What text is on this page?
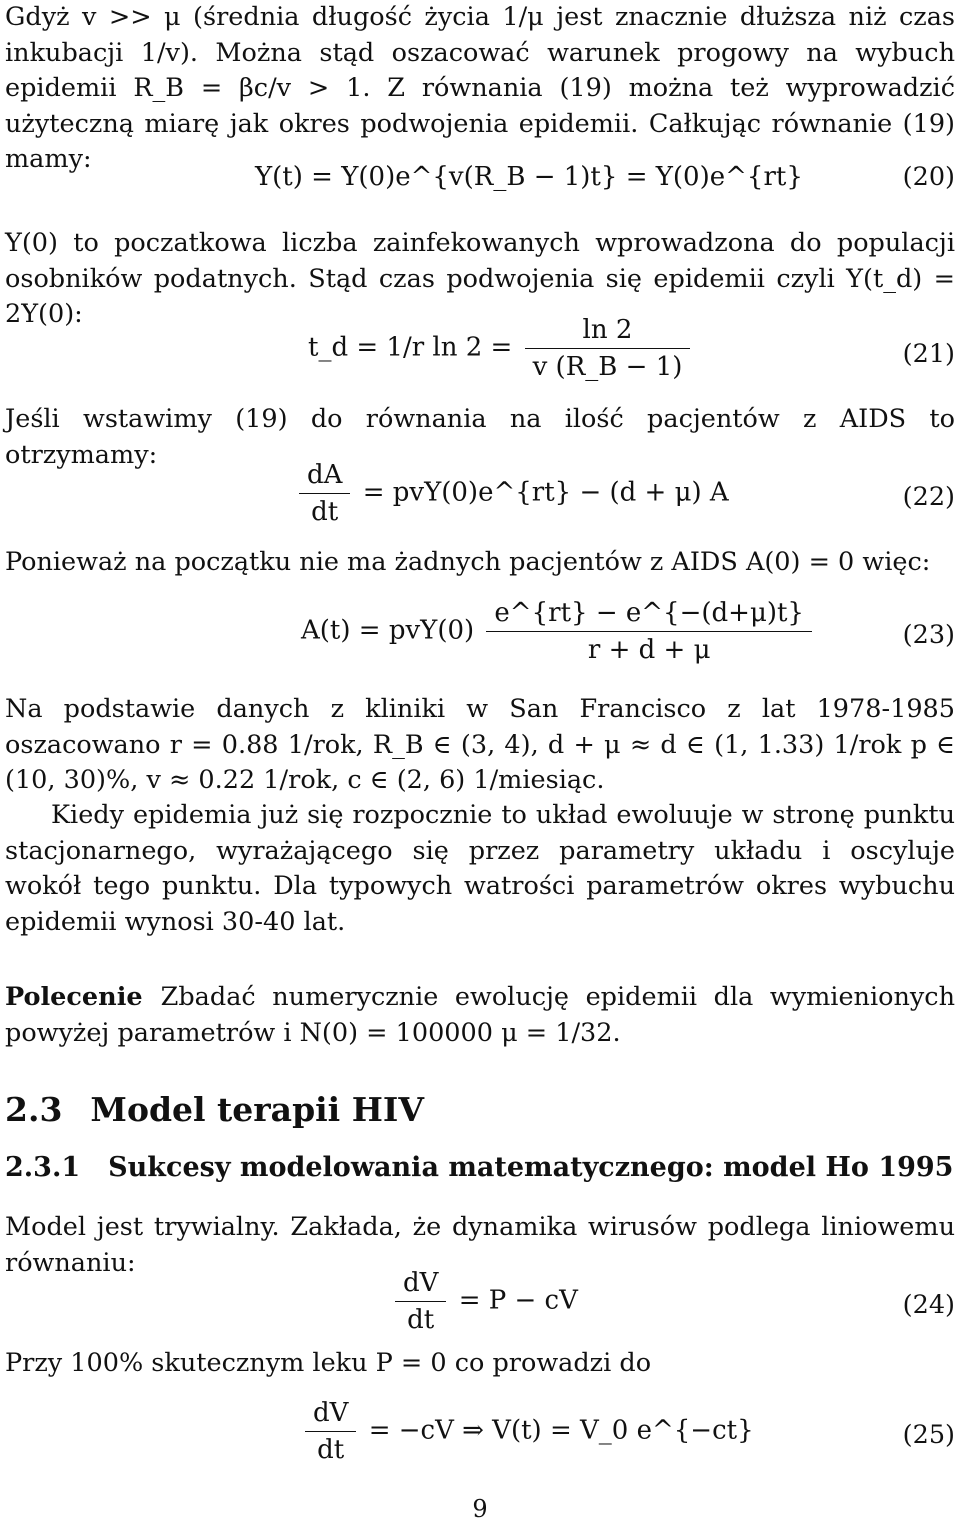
Gdyż v >> μ (średnia długość życia 1/μ jest znacznie dłuższa niż czas inkubacji 1/v). Można stąd oszacować warunek progowy na wybuch epidemii R_B = βc/v > 1. Z równania (19) można też wyprowadzić użyteczną miarę jak okres podwojenia epidemii. Całkując równanie (19) mamy:

Y(t) = Y(0)e^{v(R_B − 1)t} = Y(0)e^{rt}	(20)

Y(0) to poczatkowa liczba zainfekowanych wprowadzona do populacji osobników podatnych. Stąd czas podwojenia się epidemii czyli Y(t_d) = 2Y(0):

t_d = 1/r $\ln 2 = \frac{\ln 2}{v (R\_B - 1)}$	(21)

Jeśli wstawimy (19) do równania na ilość pacjentów z AIDS to otrzymamy:

$\frac{dA}{dt}$ = pvY(0)e^{rt} − (d + μ) A	(22)

Ponieważ na początku nie ma żadnych pacjentów z AIDS A(0) = 0 więc:

$A(t) = pvY(0) \frac{e\^{}\{rt\} - e\^{}\{-(d+\mu)t\}}{r + d + \mu}$	(23)

Na podstawie danych z kliniki w San Francisco z lat 1978-1985 oszacowano r = 0.88 1/rok, R_B ∈ (3, 4), d + μ ≈ d ∈ (1, 1.33) 1/rok p ∈ (10, 30)%, v ≈ 0.22 1/rok, c ∈ (2, 6) 1/miesiąc.

Kiedy epidemia już się rozpocznie to układ ewoluuje w stronę punktu stacjonarnego, wyrażającego się przez parametry układu i oscyluje wokół tego punktu. Dla typowych watrości parametrów okres wybuchu epidemii wynosi 30-40 lat.

Polecenie Zbadać numerycznie ewolucję epidemii dla wymienionych powyżej parametrów i N(0) = 100000 μ = 1/32.

2.3 Model terapii HIV
2.3.1 Sukcesy modelowania matematycznego: model Ho 1995

Model jest trywialny. Zakłada, że dynamika wirusów podlega liniowemu równaniu:

$\frac{dV}{dt} = P$ − cV	(24)

Przy 100% skutecznym leku P = 0 co prowadzi do

$\frac{dV}{dt} = -cV$ ⇒ V(t) = V_0 e^{−ct}	(25)
9
